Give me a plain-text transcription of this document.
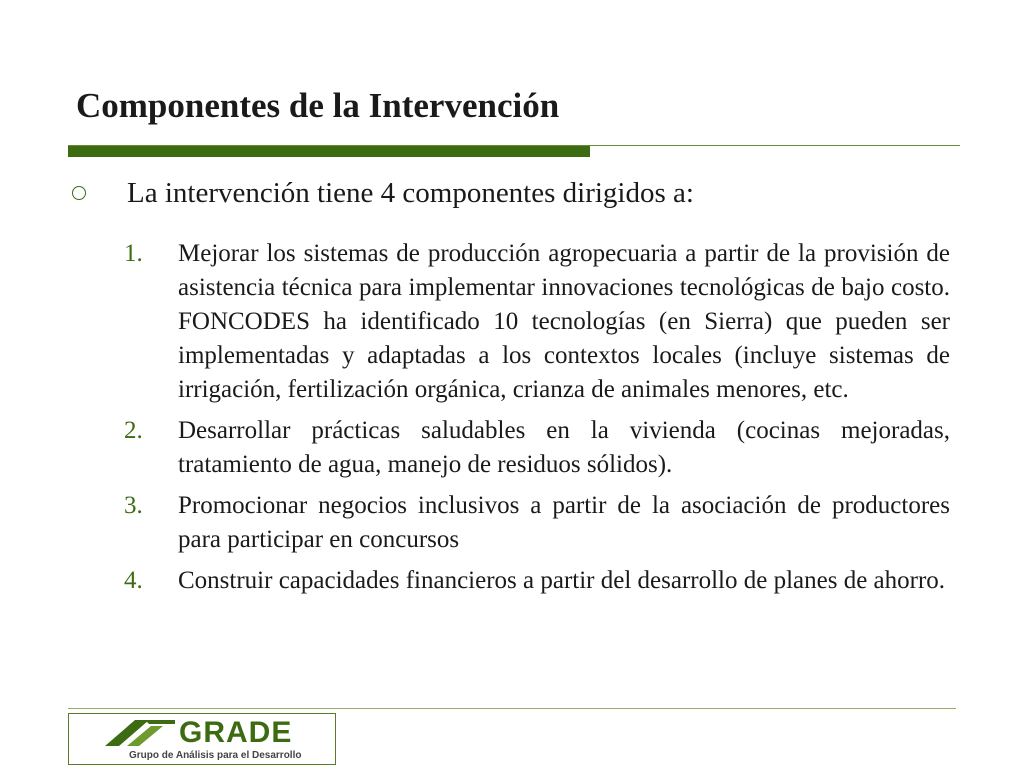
Componentes de la Intervención
La intervención tiene 4 componentes dirigidos a:
1.	Mejorar los sistemas de producción agropecuaria a partir de la provisión de asistencia técnica para implementar innovaciones tecnológicas de bajo costo. FONCODES ha identificado 10 tecnologías (en Sierra) que pueden ser implementadas y adaptadas a los contextos locales (incluye sistemas de irrigación, fertilización orgánica, crianza de animales menores, etc.
2.	Desarrollar prácticas saludables en la vivienda (cocinas mejoradas, tratamiento de agua, manejo de residuos sólidos).
3.	Promocionar negocios inclusivos a partir de la asociación de productores para participar en concursos
4.	Construir capacidades financieros a partir del desarrollo de planes de ahorro.
GRADE
Grupo de Análisis para el Desarrollo
